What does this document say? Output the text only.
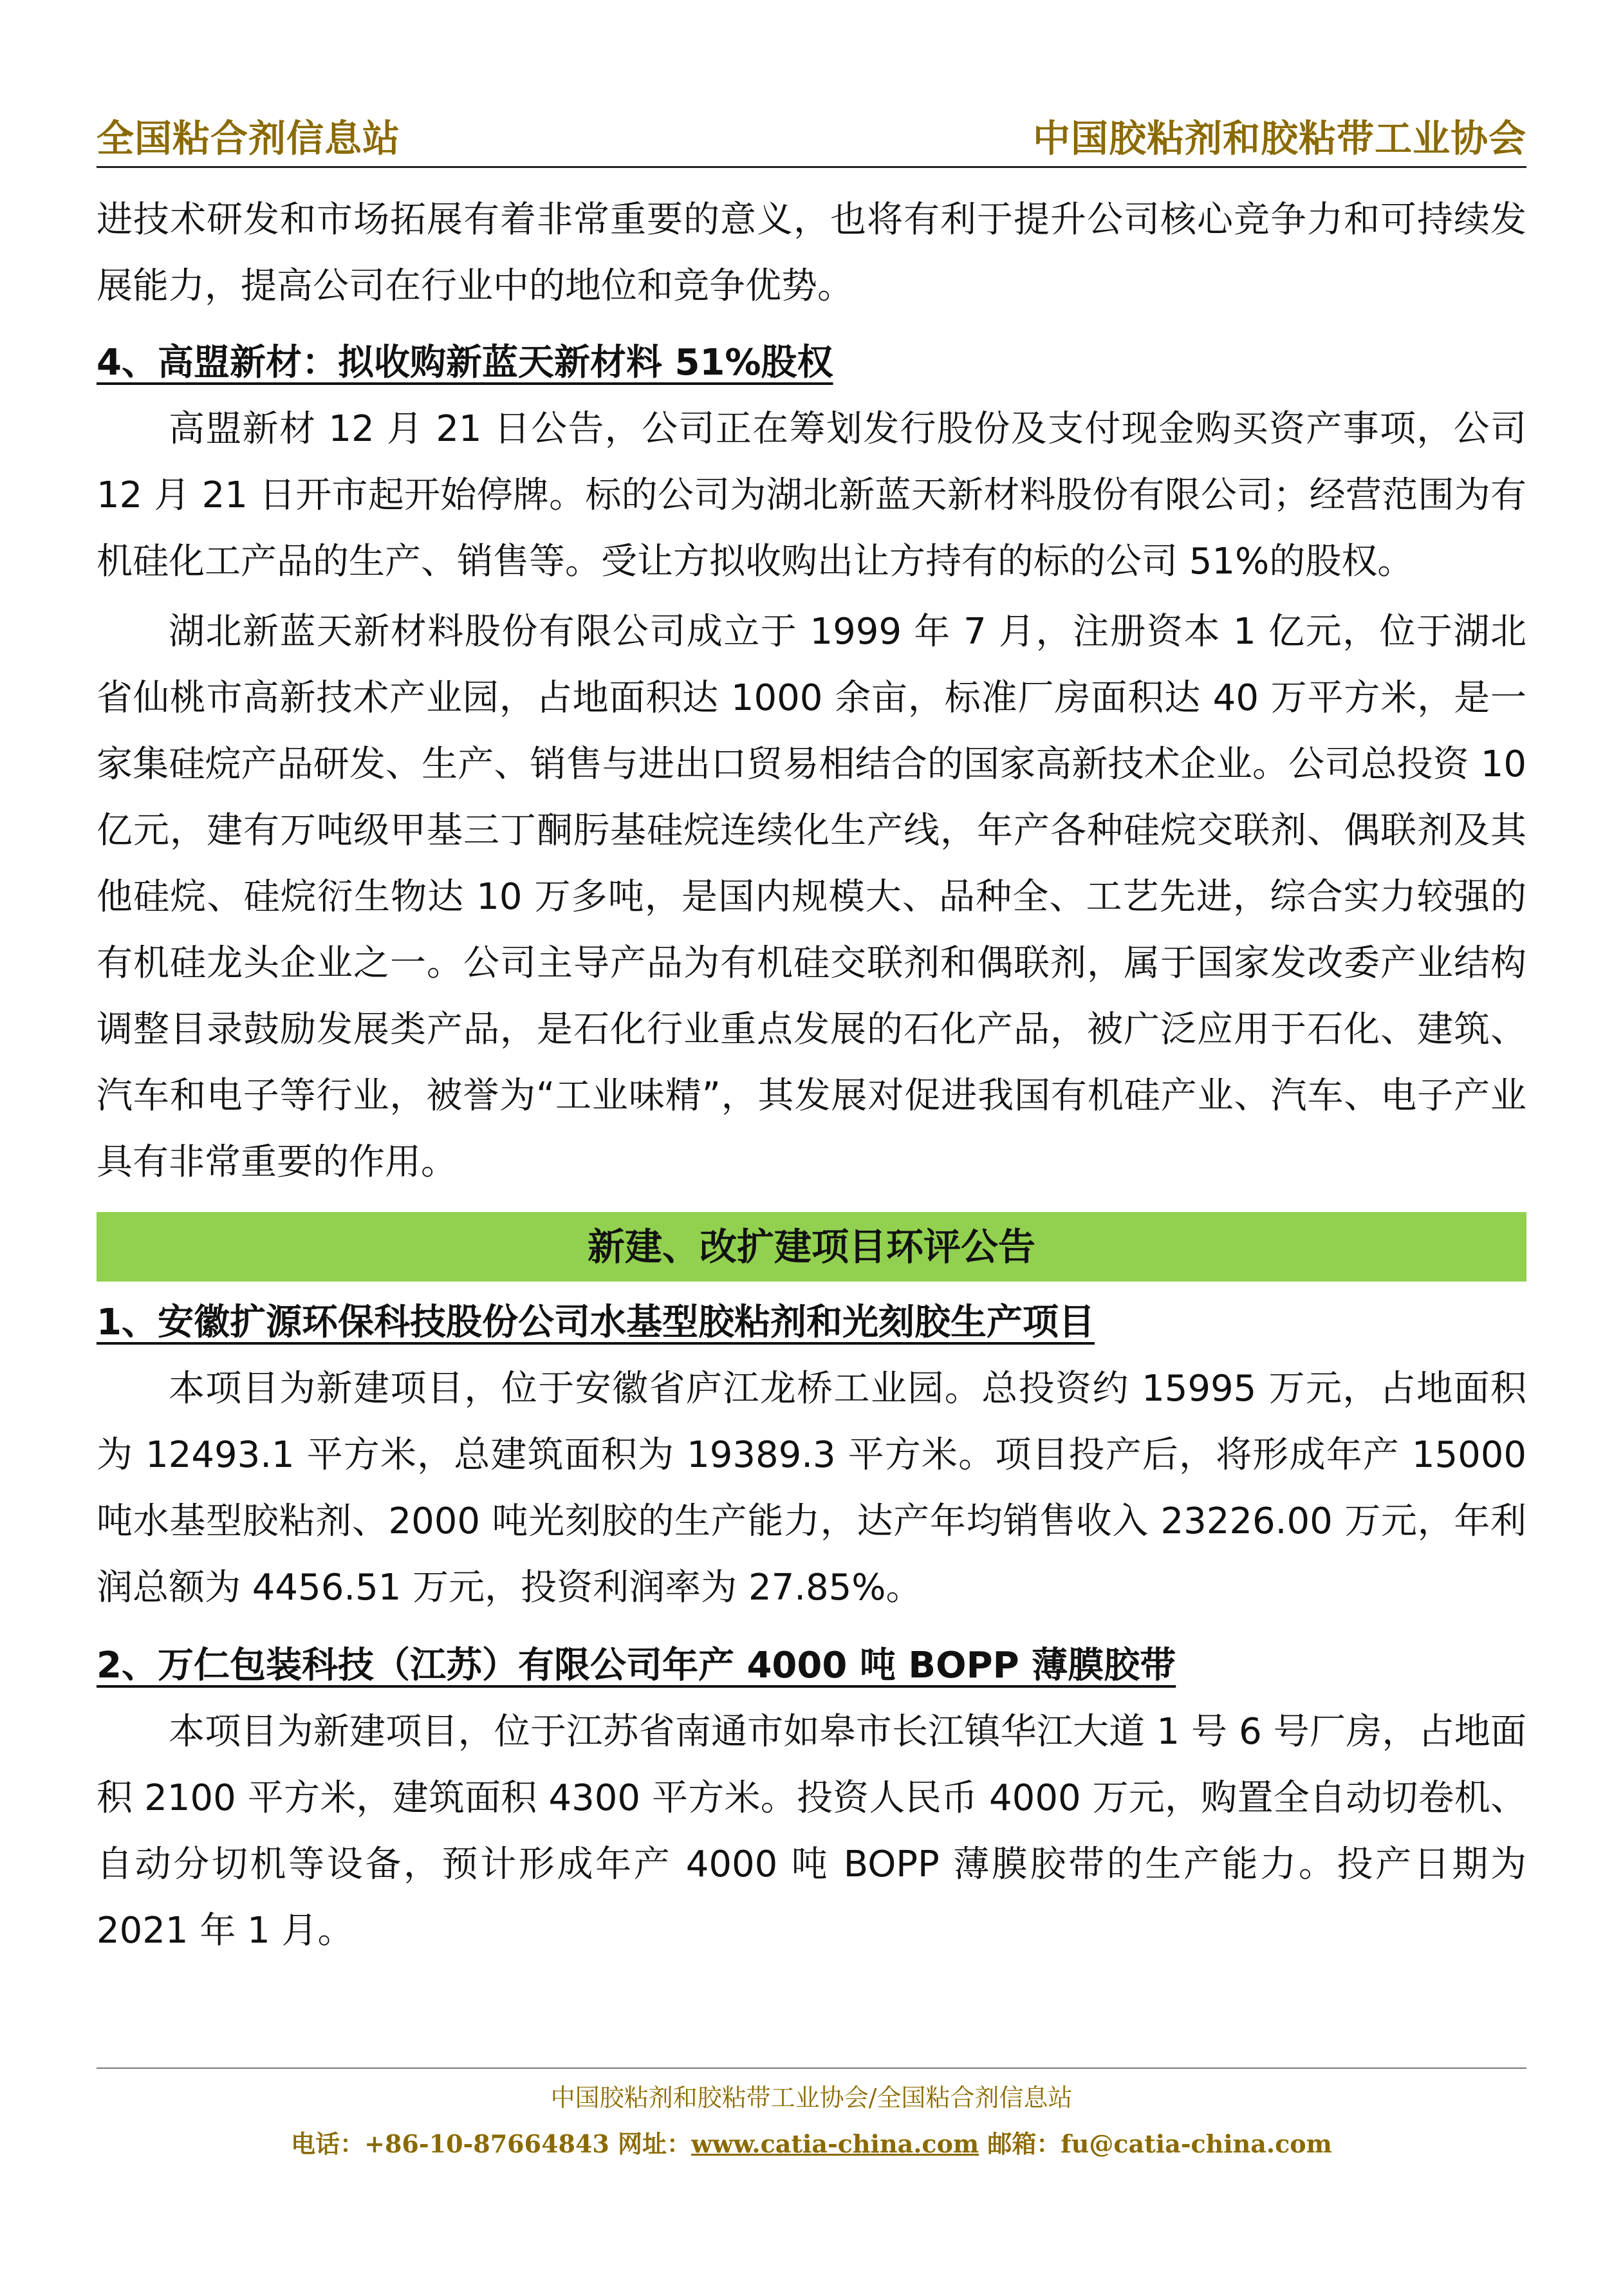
全国粘合剂信息站	中国胶粘剂和胶粘带工业协会

进技术研发和市场拓展有着非常重要的意义，也将有利于提升公司核心竞争力和可持续发展能力，提高公司在行业中的地位和竞争优势。

4、高盟新材：拟收购新蓝天新材料 51%股权

高盟新材 12 月 21 日公告，公司正在筹划发行股份及支付现金购买资产事项，公司 12 月 21 日开市起开始停牌。标的公司为湖北新蓝天新材料股份有限公司；经营范围为有机硅化工产品的生产、销售等。受让方拟收购出让方持有的标的公司 51%的股权。

湖北新蓝天新材料股份有限公司成立于 1999 年 7 月，注册资本 1 亿元，位于湖北省仙桃市高新技术产业园，占地面积达 1000 余亩，标准厂房面积达 40 万平方米，是一家集硅烷产品研发、生产、销售与进出口贸易相结合的国家高新技术企业。公司总投资 10 亿元，建有万吨级甲基三丁酮肟基硅烷连续化生产线，年产各种硅烷交联剂、偶联剂及其他硅烷、硅烷衍生物达 10 万多吨，是国内规模大、品种全、工艺先进，综合实力较强的有机硅龙头企业之一。公司主导产品为有机硅交联剂和偶联剂，属于国家发改委产业结构调整目录鼓励发展类产品，是石化行业重点发展的石化产品，被广泛应用于石化、建筑、汽车和电子等行业，被誉为“工业味精”，其发展对促进我国有机硅产业、汽车、电子产业具有非常重要的作用。

新建、改扩建项目环评公告

1、安徽扩源环保科技股份公司水基型胶粘剂和光刻胶生产项目

本项目为新建项目，位于安徽省庐江龙桥工业园。总投资约 15995 万元，占地面积为 12493.1 平方米，总建筑面积为 19389.3 平方米。项目投产后，将形成年产 15000 吨水基型胶粘剂、2000 吨光刻胶的生产能力，达产年均销售收入 23226.00 万元，年利润总额为 4456.51 万元，投资利润率为 27.85%。

2、万仁包装科技（江苏）有限公司年产 4000 吨 BOPP 薄膜胶带

本项目为新建项目，位于江苏省南通市如皋市长江镇华江大道 1 号 6 号厂房，占地面积 2100 平方米，建筑面积 4300 平方米。投资人民币 4000 万元，购置全自动切卷机、自动分切机等设备，预计形成年产 4000 吨 BOPP 薄膜胶带的生产能力。投产日期为 2021 年 1 月。

中国胶粘剂和胶粘带工业协会/全国粘合剂信息站
电话：+86-10-87664843 网址：www.catia-china.com 邮箱：fu@catia-china.com
